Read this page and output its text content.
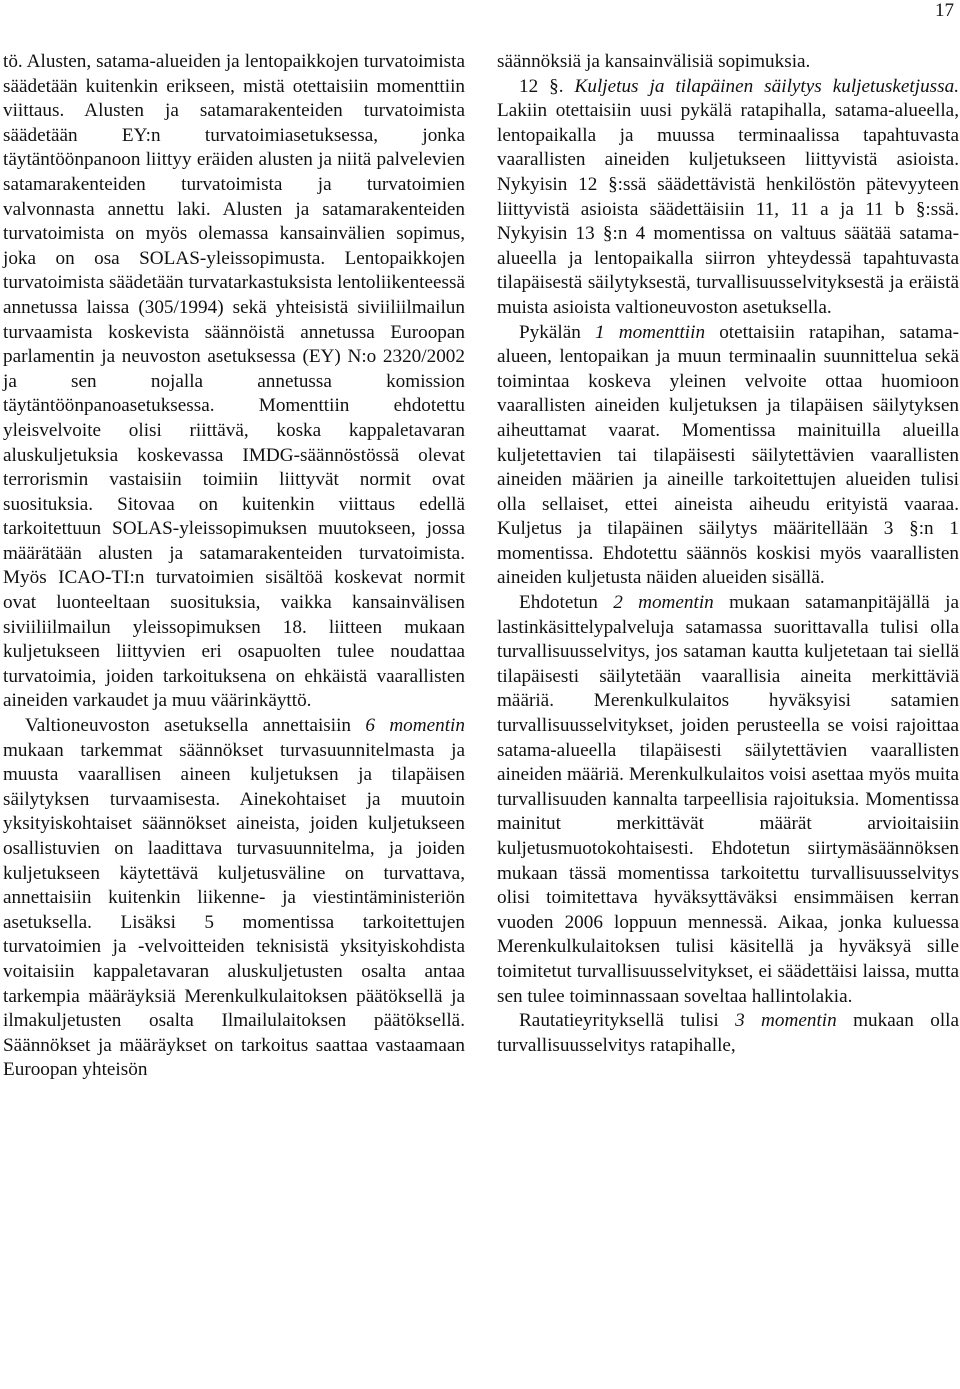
17

tö. Alusten, satama-alueiden ja lentopaikkojen turvatoimista säädetään kuitenkin erikseen, mistä otettaisiin momenttiin viittaus. Alusten ja satamarakenteiden turvatoimista säädetään EY:n turvatoimiasetuksessa, jonka täytäntöönpanoon liittyy eräiden alusten ja niitä palvelevien satamarakenteiden turvatoimista ja turvatoimien valvonnasta annettu laki. Alusten ja satamarakenteiden turvatoimista on myös olemassa kansainvälien sopimus, joka on osa SOLAS-yleissopimusta. Lentopaikkojen turvatoimista säädetään turvatarkastuksista lentoliikenteessä annetussa laissa (305/1994) sekä yhteisistä siviiliilmailun turvaamista koskevista säännöistä annetussa Euroopan parlamentin ja neuvoston asetuksessa (EY) N:o 2320/2002 ja sen nojalla annetussa komission täytäntöönpanoasetuksessa. Momenttiin ehdotettu yleisvelvoite olisi riittävä, koska kappaletavaran aluskuljetuksia koskevassa IMDG-säännöstössä olevat terrorismin vastaisiin toimiin liittyvät normit ovat suosituksia. Sitovaa on kuitenkin viittaus edellä tarkoitettuun SOLAS-yleissopimuksen muutokseen, jossa määrätään alusten ja satamarakenteiden turvatoimista. Myös ICAO-TI:n turvatoimien sisältöä koskevat normit ovat luonteeltaan suosituksia, vaikka kansainvälisen siviiliilmailun yleissopimuksen 18. liitteen mukaan kuljetukseen liittyvien eri osapuolten tulee noudattaa turvatoimia, joiden tarkoituksena on ehkäistä vaarallisten aineiden varkaudet ja muu väärinkäyttö.

Valtioneuvoston asetuksella annettaisiin 6 momentin mukaan tarkemmat säännökset turvasuunnitelmasta ja muusta vaarallisen aineen kuljetuksen ja tilapäisen säilytyksen turvaamisesta. Ainekohtaiset ja muutoin yksityiskohtaiset säännökset aineista, joiden kuljetukseen osallistuvien on laadittava turvasuunnitelma, ja joiden kuljetukseen käytettävä kuljetusväline on turvattava, annettaisiin kuitenkin liikenne- ja viestintäministeriön asetuksella. Lisäksi 5 momentissa tarkoitettujen turvatoimien ja -velvoitteiden teknisistä yksityiskohdista voitaisiin kappaletavaran aluskuljetusten osalta antaa tarkempia määräyksiä Merenkulkulaitoksen päätöksellä ja ilmakuljetusten osalta Ilmailulaitoksen päätöksellä. Säännökset ja määräykset on tarkoitus saattaa vastaamaan Euroopan yhteisön

säännöksiä ja kansainvälisiä sopimuksia.

12 §. Kuljetus ja tilapäinen säilytys kuljetusketjussa. Lakiin otettaisiin uusi pykälä ratapihalla, satama-alueella, lentopaikalla ja muussa terminaalissa tapahtuvasta vaarallisten aineiden kuljetukseen liittyvistä asioista. Nykyisin 12 §:ssä säädettävistä henkilöstön pätevyyteen liittyvistä asioista säädettäisiin 11, 11 a ja 11 b §:ssä. Nykyisin 13 §:n 4 momentissa on valtuus säätää satama-alueella ja lentopaikalla siirron yhteydessä tapahtuvasta tilapäisestä säilytyksestä, turvallisuusselvityksestä ja eräistä muista asioista valtioneuvoston asetuksella.

Pykälän 1 momenttiin otettaisiin ratapihan, satama-alueen, lentopaikan ja muun terminaalin suunnittelua sekä toimintaa koskeva yleinen velvoite ottaa huomioon vaarallisten aineiden kuljetuksen ja tilapäisen säilytyksen aiheuttamat vaarat. Momentissa mainituilla alueilla kuljetettavien tai tilapäisesti säilytettävien vaarallisten aineiden määrien ja aineille tarkoitettujen alueiden tulisi olla sellaiset, ettei aineista aiheudu erityistä vaaraa. Kuljetus ja tilapäinen säilytys määritellään 3 §:n 1 momentissa. Ehdotettu säännös koskisi myös vaarallisten aineiden kuljetusta näiden alueiden sisällä.

Ehdotetun 2 momentin mukaan satamanpitäjällä ja lastinkäsittelypalveluja satamassa suorittavalla tulisi olla turvallisuusselvitys, jos sataman kautta kuljetetaan tai siellä tilapäisesti säilytetään vaarallisia aineita merkittäviä määriä. Merenkulkulaitos hyväksyisi satamien turvallisuusselvitykset, joiden perusteella se voisi rajoittaa satama-alueella tilapäisesti säilytettävien vaarallisten aineiden määriä. Merenkulkulaitos voisi asettaa myös muita turvallisuuden kannalta tarpeellisia rajoituksia. Momentissa mainitut merkittävät määrät arvioitaisiin kuljetusmuotokohtaisesti. Ehdotetun siirtymäsäännöksen mukaan tässä momentissa tarkoitettu turvallisuusselvitys olisi toimitettava hyväksyttäväksi ensimmäisen kerran vuoden 2006 loppuun mennessä. Aikaa, jonka kuluessa Merenkulkulaitoksen tulisi käsitellä ja hyväksyä sille toimitetut turvallisuusselvitykset, ei säädettäisi laissa, mutta sen tulee toiminnassaan soveltaa hallintolakia.

Rautatieyrityksellä tulisi 3 momentin mukaan olla turvallisuusselvitys ratapihalle,
